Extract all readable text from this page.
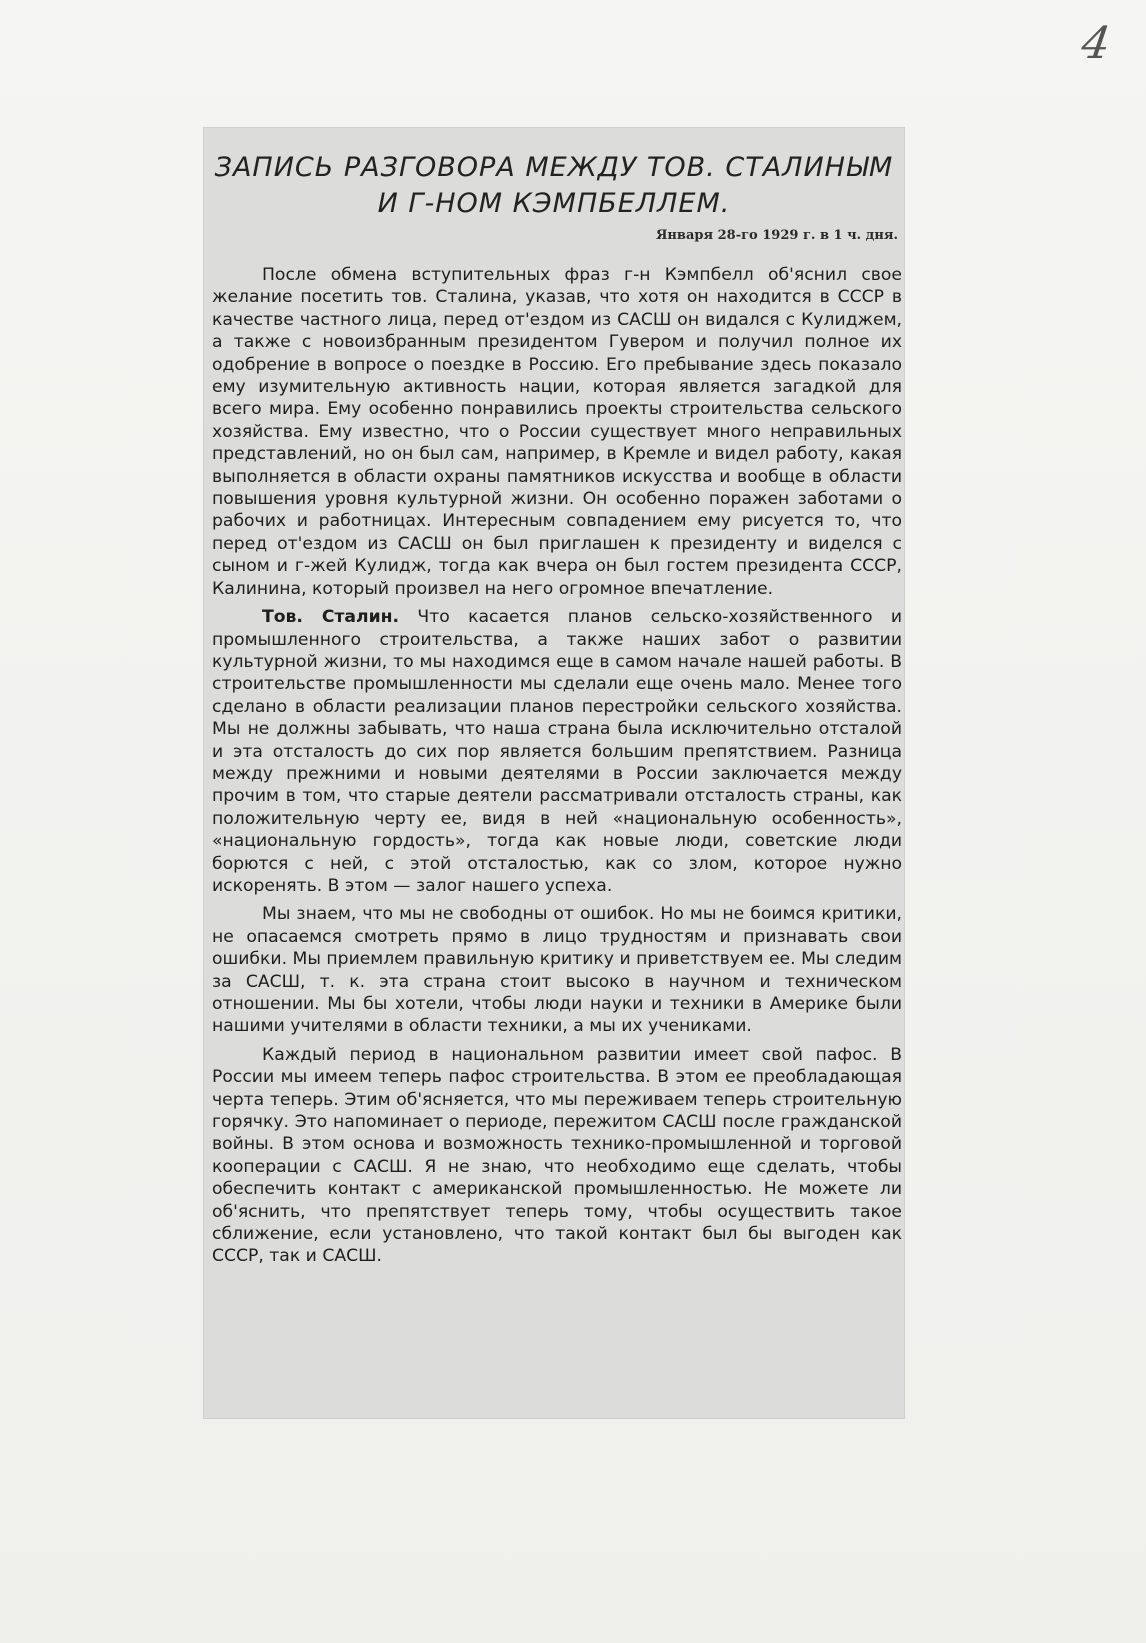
4
ЗАПИСЬ РАЗГОВОРА МЕЖДУ ТОВ. СТАЛИНЫМ
И Г-НОМ КЭМПБЕЛЛЕМ.
Января 28-го 1929 г. в 1 ч. дня.

После обмена вступительных фраз г-н Кэмпбелл об'яснил свое желание посетить тов. Сталина, указав, что хотя он находится в СССР в качестве частного лица, перед от'ездом из САСШ он видался с Кулиджем, а также с новоизбранным президентом Гувером и получил полное их одобрение в вопросе о поездке в Россию. Его пребывание здесь показало ему изумительную активность нации, которая является загадкой для всего мира. Ему особенно понравились проекты строительства сельского хозяйства. Ему известно, что о России существует много неправильных представлений, но он был сам, например, в Кремле и видел работу, какая выполняется в области охраны памятников искусства и вообще в области повышения уровня культурной жизни. Он особенно поражен заботами о рабочих и работницах. Интересным совпадением ему рисуется то, что перед от'ездом из САСШ он был приглашен к президенту и виделся с сыном и г-жей Кулидж, тогда как вчера он был гостем президента СССР, Калинина, который произвел на него огромное впечатление.

Тов. Сталин. Что касается планов сельско-хозяйственного и промышленного строительства, а также наших забот о развитии культурной жизни, то мы находимся еще в самом начале нашей работы. В строительстве промышленности мы сделали еще очень мало. Менее того сделано в области реализации планов перестройки сельского хозяйства. Мы не должны забывать, что наша страна была исключительно отсталой и эта отсталость до сих пор является большим препятствием. Разница между прежними и новыми деятелями в России заключается между прочим в том, что старые деятели рассматривали отсталость страны, как положительную черту ее, видя в ней «национальную особенность», «национальную гордость», тогда как новые люди, советские люди борются с ней, с этой отсталостью, как со злом, которое нужно искоренять. В этом — залог нашего успеха.

Мы знаем, что мы не свободны от ошибок. Но мы не боимся критики, не опасаемся смотреть прямо в лицо трудностям и признавать свои ошибки. Мы приемлем правильную критику и приветствуем ее. Мы следим за САСШ, т. к. эта страна стоит высоко в научном и техническом отношении. Мы бы хотели, чтобы люди науки и техники в Америке были нашими учителями в области техники, а мы их учениками.

Каждый период в национальном развитии имеет свой пафос. В России мы имеем теперь пафос строительства. В этом ее преобладающая черта теперь. Этим об'ясняется, что мы переживаем теперь строительную горячку. Это напоминает о периоде, пережитом САСШ после гражданской войны. В этом основа и возможность технико-промышленной и торговой кооперации с САСШ. Я не знаю, что необходимо еще сделать, чтобы обеспечить контакт с американской промышленностью. Не можете ли об'яснить, что препятствует теперь тому, чтобы осуществить такое сближение, если установлено, что такой контакт был бы выгоден как СССР, так и САСШ.
